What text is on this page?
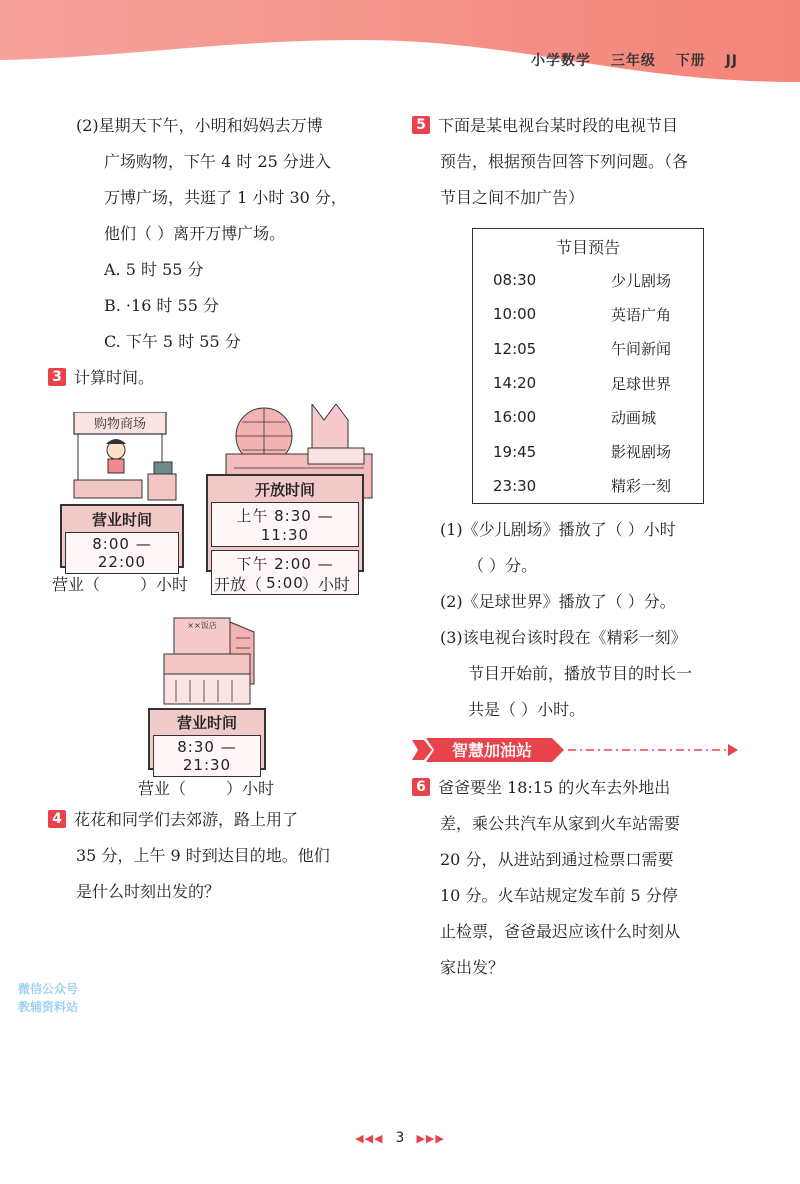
小学数学 三年级 下册 JJ
(2)星期天下午，小明和妈妈去万博
广场购物，下午 4 时 25 分进入
万博广场，共逛了 1 小时 30 分，
他们（ ）离开万博广场。
A. 5 时 55 分
B. ·16 时 55 分
C. 下午 5 时 55 分
3 计算时间。
购物商场
营业时间
8:00 — 22:00
营业（	）小时
开放时间
上午 8:30 — 11:30
下午 2:00 — 5:00
开放（	）小时
××饭店
营业时间
8:30 — 21:30
营业（	）小时
4 花花和同学们去郊游，路上用了
35 分，上午 9 时到达目的地。他们
是什么时刻出发的？
5 下面是某电视台某时段的电视节目
预告，根据预告回答下列问题。（各
节目之间不加广告）
节目预告
08:30	少儿剧场
10:00	英语广角
12:05	午间新闻
14:20	足球世界
16:00	动画城
19:45	影视剧场
23:30	精彩一刻
(1)《少儿剧场》播放了（ ）小时
（ ）分。
(2)《足球世界》播放了（ ）分。
(3)该电视台该时段在《精彩一刻》
节目开始前，播放节目的时长一
共是（ ）小时。
智慧加油站
6 爸爸要坐 18:15 的火车去外地出
差，乘公共汽车从家到火车站需要
20 分，从进站到通过检票口需要
10 分。火车站规定发车前 5 分停
止检票，爸爸最迟应该什么时刻从
家出发？
微信公众号
教辅资料站
◀◀◀ 3 ▶▶▶
